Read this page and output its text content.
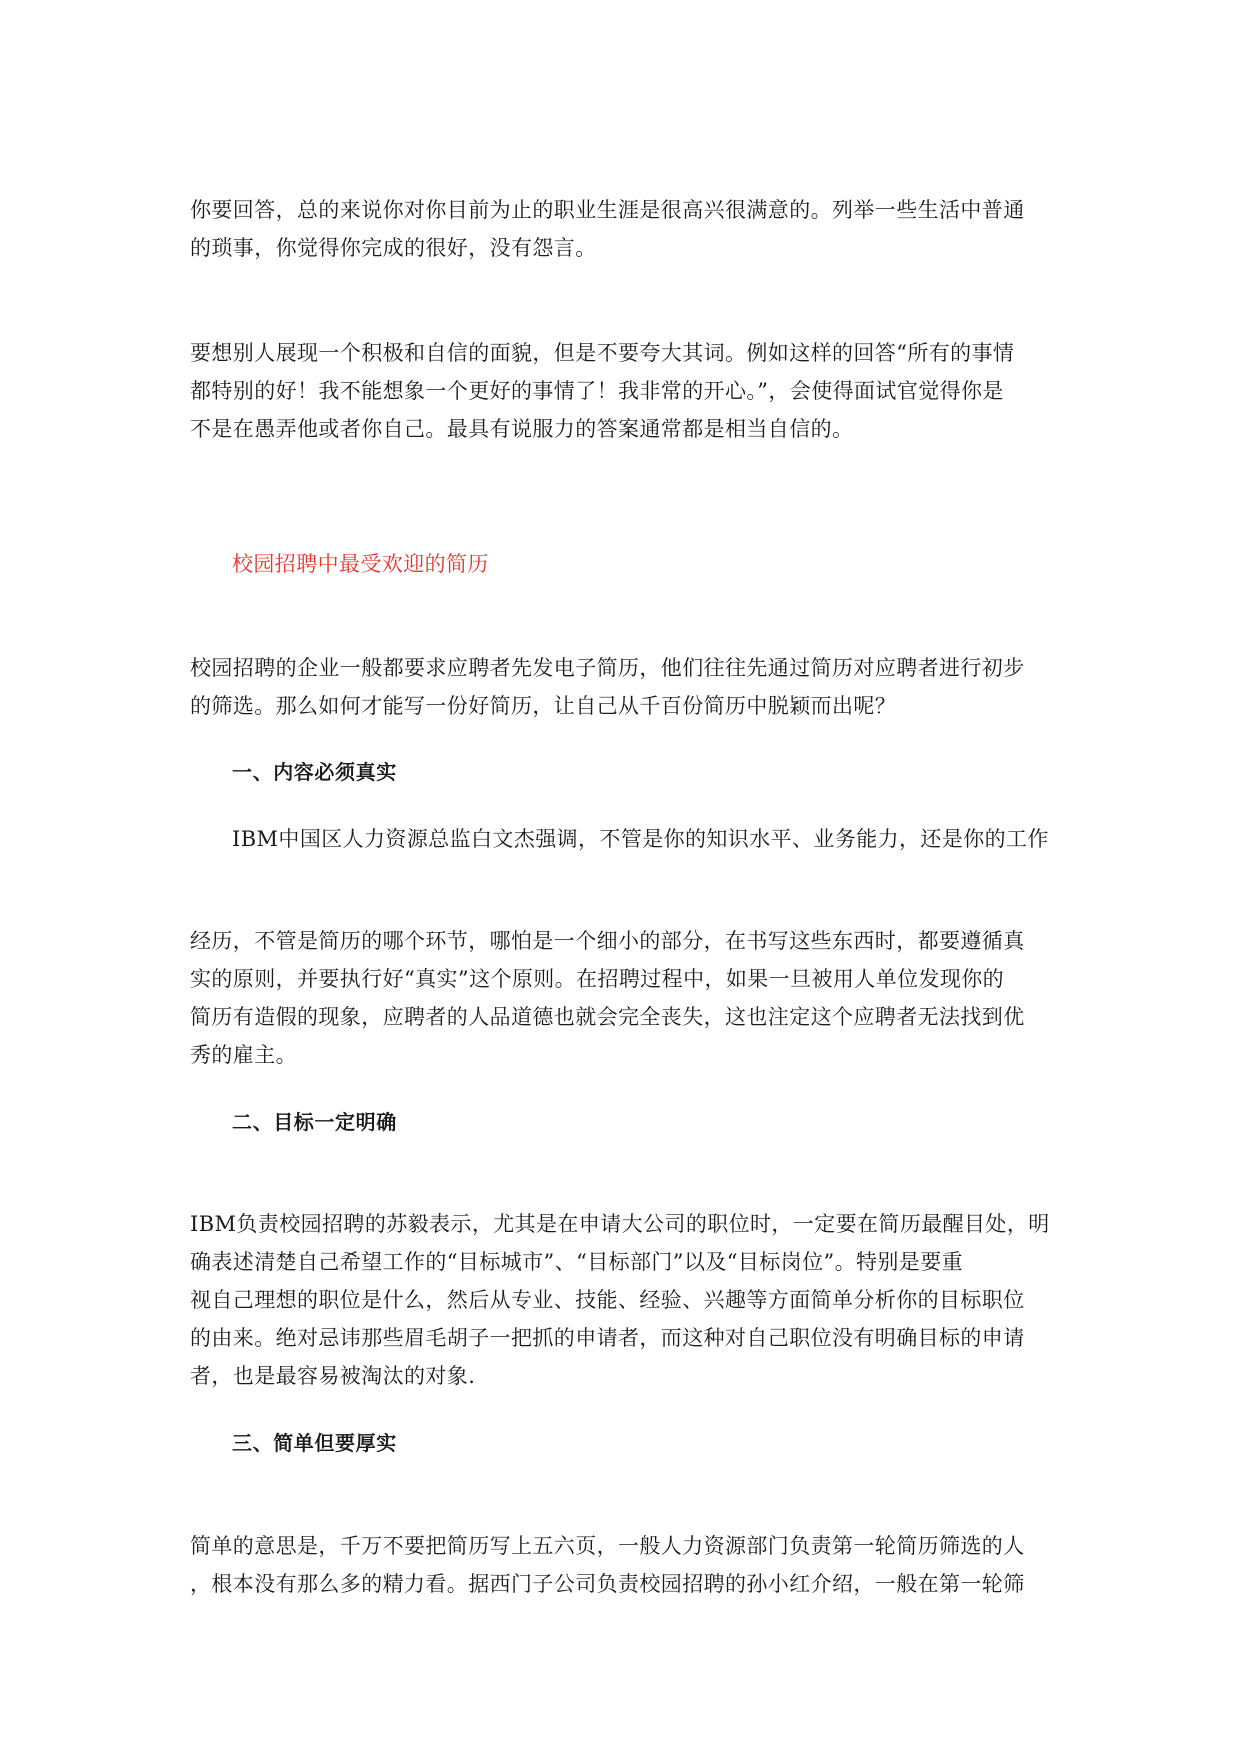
你要回答，总的来说你对你目前为止的职业生涯是很高兴很满意的。列举一些生活中普通
的琐事，你觉得你完成的很好，没有怨言。
要想别人展现一个积极和自信的面貌，但是不要夸大其词。例如这样的回答“所有的事情
都特别的好！我不能想象一个更好的事情了！我非常的开心。”，会使得面试官觉得你是
不是在愚弄他或者你自己。最具有说服力的答案通常都是相当自信的。
校园招聘中最受欢迎的简历
校园招聘的企业一般都要求应聘者先发电子简历，他们往往先通过简历对应聘者进行初步
的筛选。那么如何才能写一份好简历，让自己从千百份简历中脱颖而出呢？
一、内容必须真实
IBM中国区人力资源总监白文杰强调，不管是你的知识水平、业务能力，还是你的工作
经历，不管是简历的哪个环节，哪怕是一个细小的部分，在书写这些东西时，都要遵循真
实的原则，并要执行好“真实”这个原则。在招聘过程中，如果一旦被用人单位发现你的
简历有造假的现象，应聘者的人品道德也就会完全丧失，这也注定这个应聘者无法找到优
秀的雇主。
二、目标一定明确
IBM负责校园招聘的苏毅表示，尤其是在申请大公司的职位时，一定要在简历最醒目处，明
确表述清楚自己希望工作的“目标城市”、“目标部门”以及“目标岗位”。特别是要重
视自己理想的职位是什么，然后从专业、技能、经验、兴趣等方面简单分析你的目标职位
的由来。绝对忌讳那些眉毛胡子一把抓的申请者，而这种对自己职位没有明确目标的申请
者，也是最容易被淘汰的对象.
三、简单但要厚实
简单的意思是，千万不要把简历写上五六页，一般人力资源部门负责第一轮简历筛选的人
，根本没有那么多的精力看。据西门子公司负责校园招聘的孙小红介绍，一般在第一轮筛
